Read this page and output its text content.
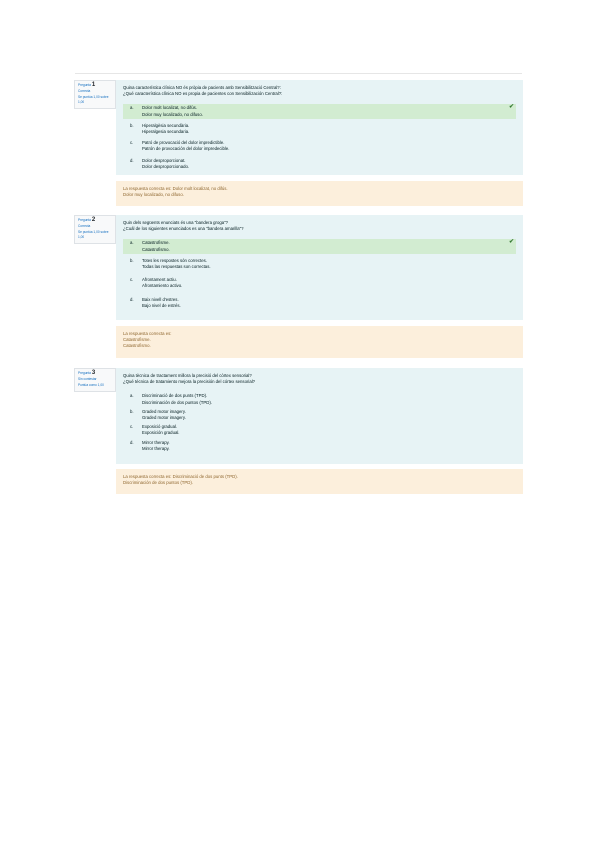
Pregunta 1
Correcta
Se puntúa 1,00 sobre 1,00
Quina característica clínica NO és pròpia de pacients amb Sensibilització Central?:
¿Qué característica clínica NO es propia de pacientes con Sensibilización Central?:
a.	Dolor molt localizat, no difús.
Dolor muy localizado, no difuso.
✔
b.	Hiperalgèsia secundària.
Hiperalgesia secundaria.
c.	Patró de provocació del dolor impredictible.
Patrón de provocación del dolor impredecible.
d.	Dolor desproporcionat.
Dolor desproporcionado.
La respuesta correcta es: Dolor molt localizat, no difús.
Dolor muy localizado, no difuso.
Pregunta 2
Correcta
Se puntúa 1,00 sobre 1,00
Quin dels següents enunciats és una "bandera groga"?
¿Cuál de los siguientes enunciados es una "bandera amarilla"?
a.	Catastrofisme.
Catastrofismo.
✔
b.	Totes les respostes són correctes.
Todas las respuestas son correctas.
c.	Afrontament actiu.
Afrontamiento activo.
d.	Baix nivell d'estres.
Bajo nivel de estrés.
La respuesta correcta es:
Catastrofisme.
Catastrofismo.
Pregunta 3
Sin contestar
Puntúa como 1,00
Quina tècnica de tractament millora la precisió del còrtex sensorial?
¿Qué técnica de tratamiento mejora la precisión del córtex sensorial?
a.	Discriminació de dos punts (TPD).
Discriminación de dos puntos (TPD).
b.	Graded motor imagery.
Graded motor imagery.
c.	Exposició gradual.
Exposición gradual.
d.	Mirror therapy.
Mirror therapy.
La respuesta correcta es: Discriminació de dos punts (TPD).
Discriminación de dos puntos (TPD).
